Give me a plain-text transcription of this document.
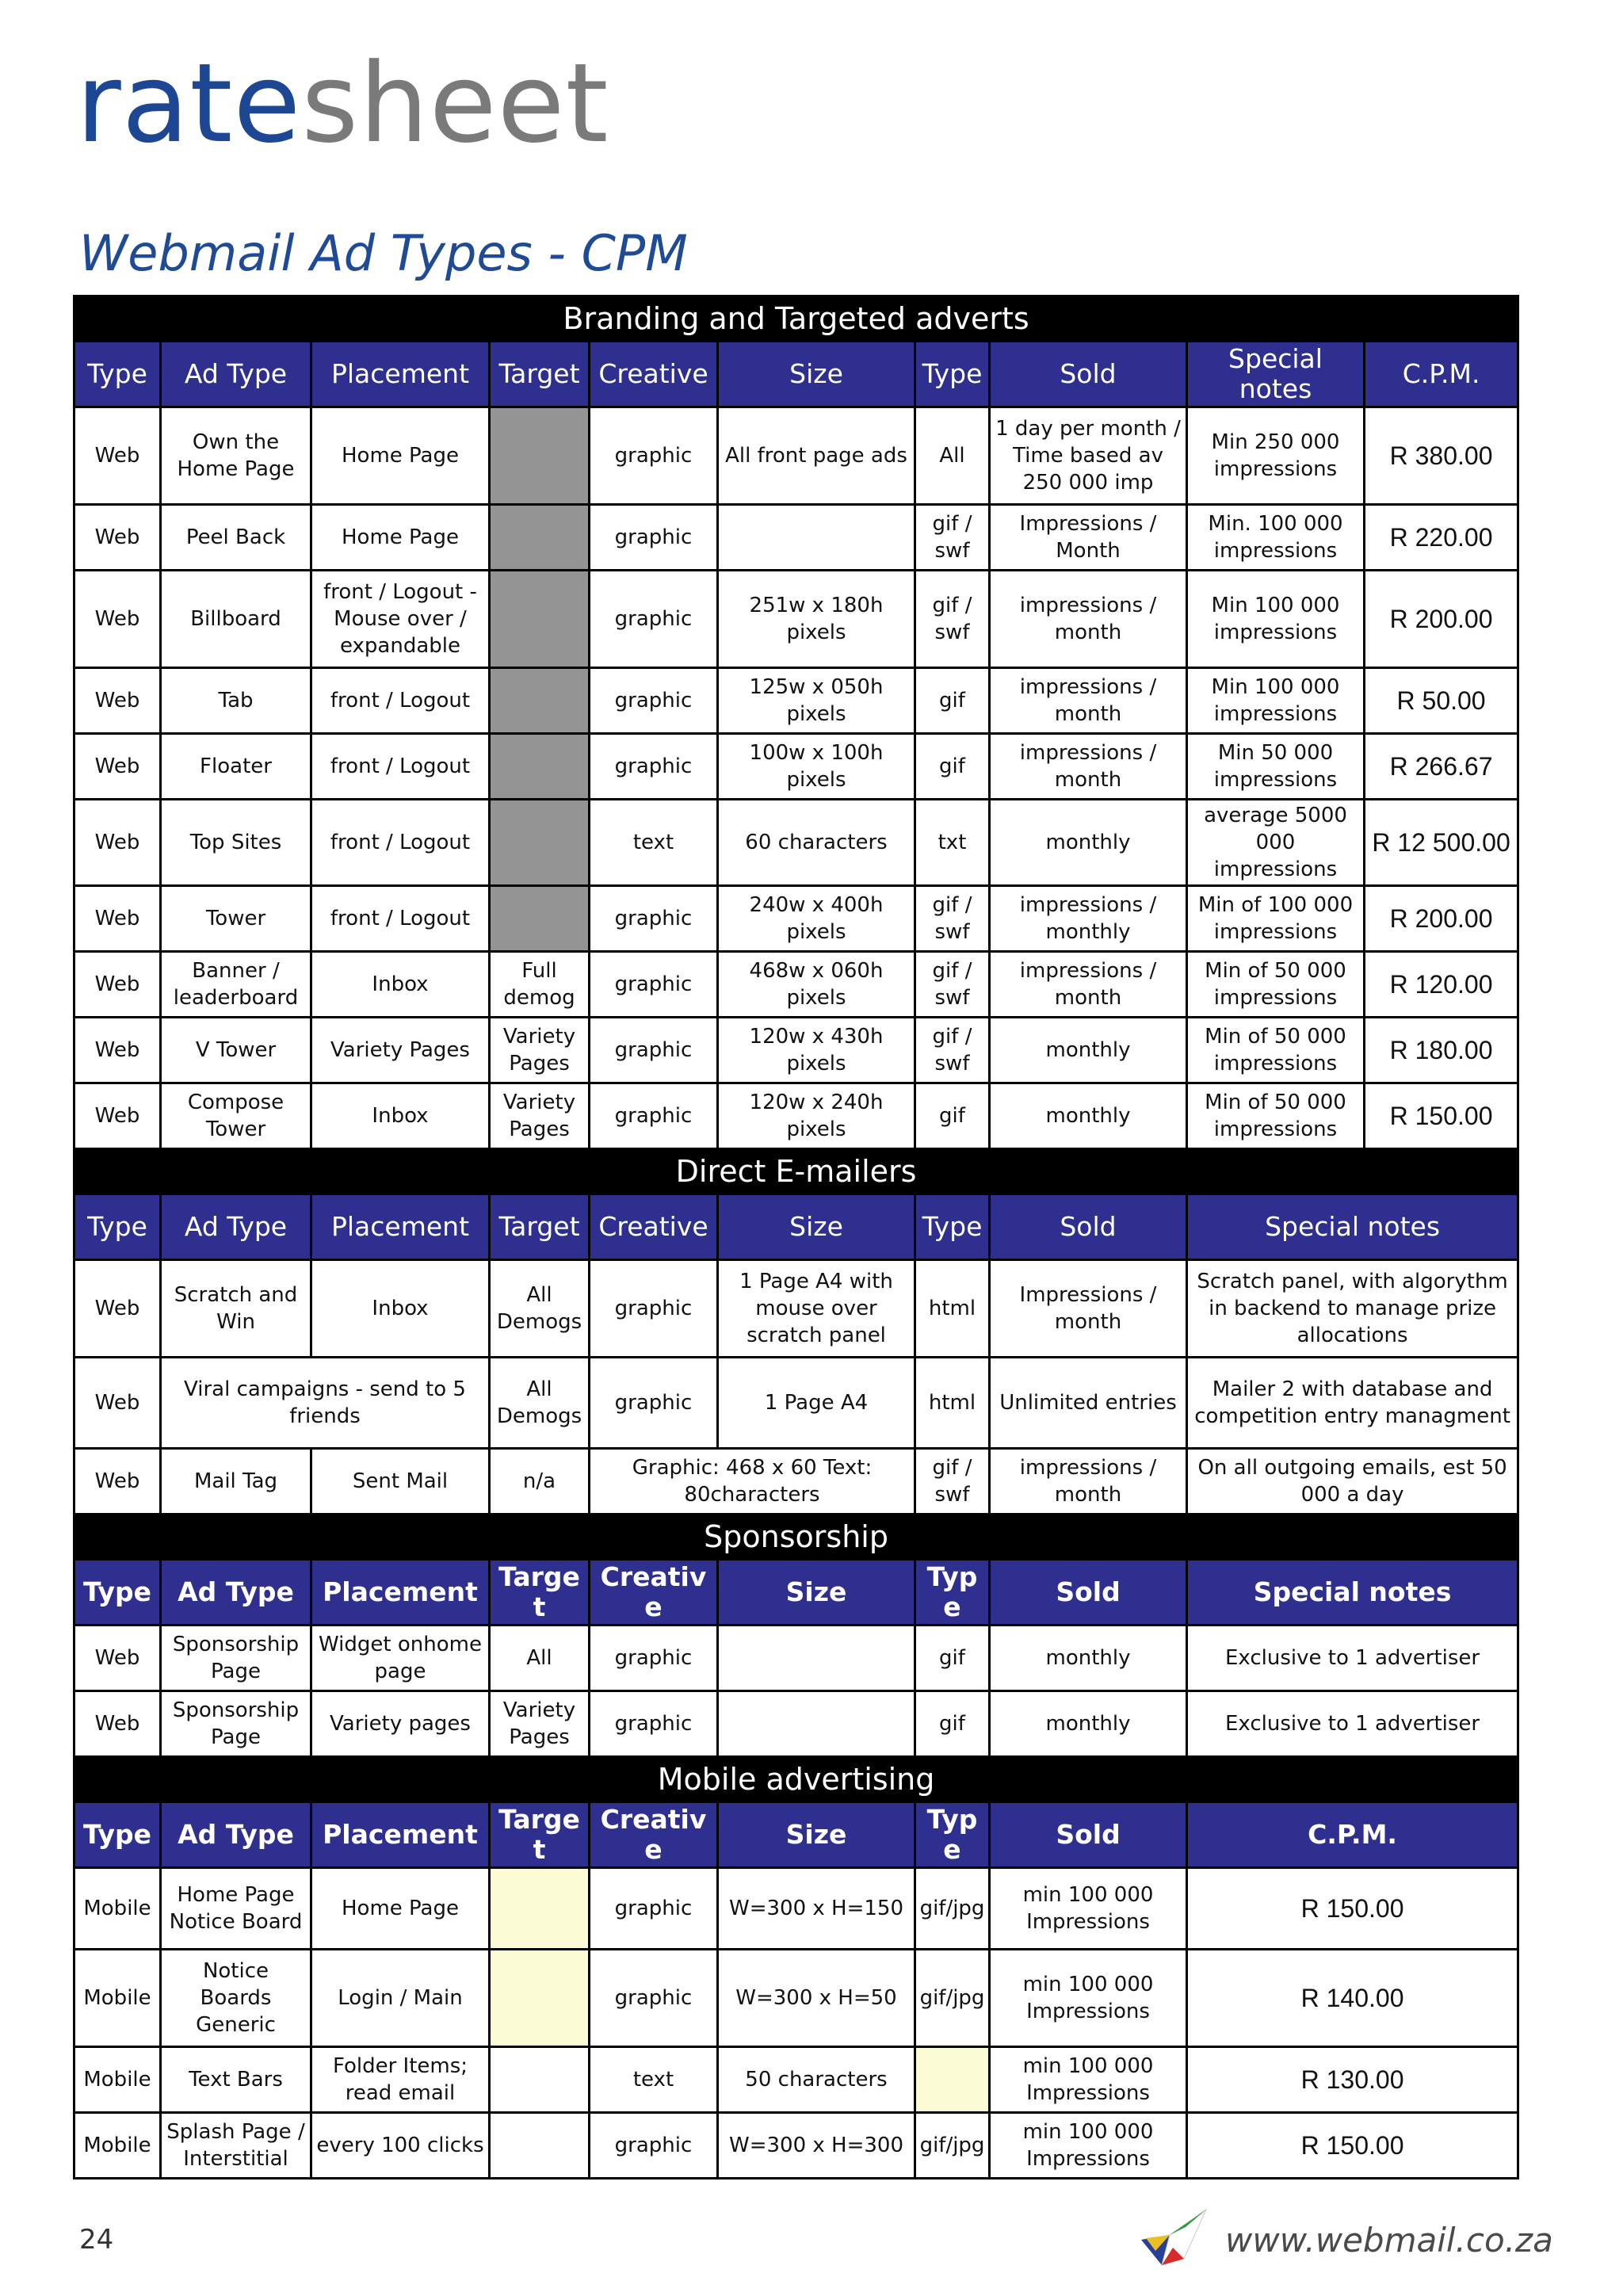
ratesheet
Webmail Ad Types - CPM
Branding and Targeted adverts									
Type	Ad Type	Placement	Target	Creative	Size	Type	Sold	Special notes	C.P.M.
Web	Own the Home Page	Home Page		graphic	All front page ads	All	1 day per month / Time based av 250 000 imp	Min 250 000 impressions	R 380.00
Web	Peel Back	Home Page		graphic		gif / swf	Impressions / Month	Min. 100 000 impressions	R 220.00
Web	Billboard	front / Logout - Mouse over / expandable		graphic	251w x 180h pixels	gif / swf	impressions / month	Min 100 000 impressions	R 200.00
Web	Tab	front / Logout		graphic	125w x 050h pixels	gif	impressions / month	Min 100 000 impressions	R 50.00
Web	Floater	front / Logout		graphic	100w x 100h pixels	gif	impressions / month	Min 50 000 impressions	R 266.67
Web	Top Sites	front / Logout		text	60 characters	txt	monthly	average 5000 000 impressions	R 12 500.00
Web	Tower	front / Logout		graphic	240w x 400h pixels	gif / swf	impressions / monthly	Min of 100 000 impressions	R 200.00
Web	Banner / leaderboard	Inbox	Full demog	graphic	468w x 060h pixels	gif / swf	impressions / month	Min of 50 000 impressions	R 120.00
Web	V Tower	Variety Pages	Variety Pages	graphic	120w x 430h pixels	gif / swf	monthly	Min of 50 000 impressions	R 180.00
Web	Compose Tower	Inbox	Variety Pages	graphic	120w x 240h pixels	gif	monthly	Min of 50 000 impressions	R 150.00
Direct E-mailers									
Type	Ad Type	Placement	Target	Creative	Size	Type	Sold	Special notes	
Web	Scratch and Win	Inbox	All Demogs	graphic	1 Page A4 with mouse over scratch panel	html	Impressions / month	Scratch panel, with algorythm in backend to manage prize allocations	
Web	Viral campaigns - send to 5 friends		All Demogs	graphic	1 Page A4	html	Unlimited entries	Mailer 2 with database and competition entry managment	
Web	Mail Tag	Sent Mail	n/a	Graphic: 468 x 60 Text: 80characters		gif / swf	impressions / month	On all outgoing emails, est 50 000 a day	
Sponsorship									
Type	Ad Type	Placement	Target	Creative	Size	Type	Sold	Special notes	
Web	Sponsorship Page	Widget onhome page	All	graphic		gif	monthly	Exclusive to 1 advertiser	
Web	Sponsorship Page	Variety pages	Variety Pages	graphic		gif	monthly	Exclusive to 1 advertiser	
Mobile advertising									
Type	Ad Type	Placement	Target	Creative	Size	Type	Sold	C.P.M.	
Mobile	Home Page Notice Board	Home Page		graphic	W=300 x H=150	gif/jpg	min 100 000 Impressions	R 150.00	
Mobile	Notice Boards Generic	Login / Main		graphic	W=300 x H=50	gif/jpg	min 100 000 Impressions	R 140.00	
Mobile	Text Bars	Folder Items; read email		text	50 characters		min 100 000 Impressions	R 130.00	
Mobile	Splash Page / Interstitial	every 100 clicks		graphic	W=300 x H=300	gif/jpg	min 100 000 Impressions	R 150.00	
24	www.webmail.co.za
